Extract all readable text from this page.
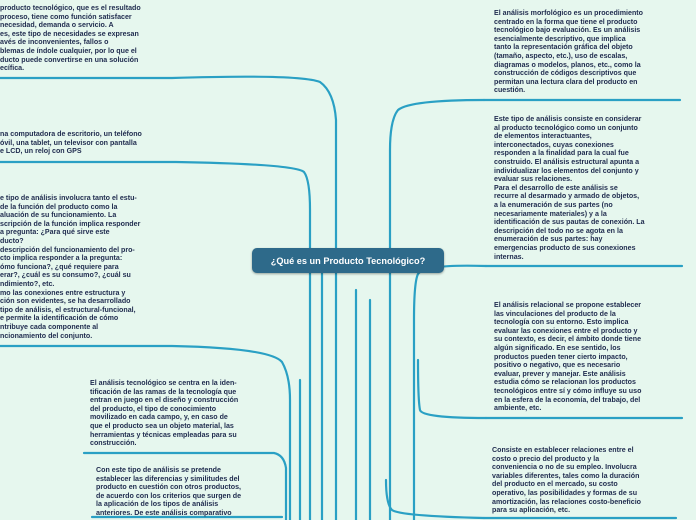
¿Qué es un Producto Tecnológico?
producto tecnológico, que es el resultado
proceso, tiene como función satisfacer
necesidad, demanda o servicio. A
es, este tipo de necesidades se expresan
avés de inconvenientes, fallos o
blemas de índole cualquier, por lo que el
ducto puede convertirse en una solución
ecífica.
na computadora de escritorio, un teléfono
óvil, una tablet, un televisor con pantalla
e LCD, un reloj con GPS
e tipo de análisis involucra tanto el estu-
de la función del producto como la
aluación de su funcionamiento. La
scripción de la función implica responder
a pregunta: ¿Para qué sirve este
ducto?
descripción del funcionamiento del pro-
cto implica responder a la pregunta:
ómo funciona?, ¿qué requiere para
erar?, ¿cuál es su consumo?, ¿cuál su
ndimiento?, etc.
mo las conexiones entre estructura y
ción son evidentes, se ha desarrollado
tipo de análisis, el estructural-funcional,
e permite la identificación de cómo
ntribuye cada componente al
ncionamiento del conjunto.
El análisis tecnológico se centra en la iden-
tificación de las ramas de la tecnología que
entran en juego en el diseño y construcción
del producto, el tipo de conocimiento
movilizado en cada campo, y, en caso de
que el producto sea un objeto material, las
herramientas y técnicas empleadas para su
construcción.
Con este tipo de análisis se pretende
establecer las diferencias y similitudes del
producto en cuestión con otros productos,
de acuerdo con los criterios que surgen de
la aplicación de los tipos de análisis
anteriores. De este análisis comparativo
El análisis morfológico es un procedimiento
centrado en la forma que tiene el producto
tecnológico bajo evaluación. Es un análisis
esencialmente descriptivo, que implica
tanto la representación gráfica del objeto
(tamaño, aspecto, etc.), uso de escalas,
diagramas o modelos, planos, etc., como la
construcción de códigos descriptivos que
permitan una lectura clara del producto en
cuestión.
Este tipo de análisis consiste en considerar
al producto tecnológico como un conjunto
de elementos interactuantes,
interconectados, cuyas conexiones
responden a la finalidad para la cual fue
construido. El análisis estructural apunta a
individualizar los elementos del conjunto y
evaluar sus relaciones.
Para el desarrollo de este análisis se
recurre al desarmado y armado de objetos,
a la enumeración de sus partes (no
necesariamente materiales) y a la
identificación de sus pautas de conexión. La
descripción del todo no se agota en la
enumeración de sus partes: hay
emergencias producto de sus conexiones
internas.
El análisis relacional se propone establecer
las vinculaciones del producto de la
tecnología con su entorno. Esto implica
evaluar las conexiones entre el producto y
su contexto, es decir, el ámbito donde tiene
algún significado. En ese sentido, los
productos pueden tener cierto impacto,
positivo o negativo, que es necesario
evaluar, prever y manejar. Este análisis
estudia cómo se relacionan los productos
tecnológicos entre sí y cómo influye su uso
en la esfera de la economía, del trabajo, del
ambiente, etc.
Consiste en establecer relaciones entre el
costo o precio del producto y la
conveniencia o no de su empleo. Involucra
variables diferentes, tales como la duración
del producto en el mercado, su costo
operativo, las posibilidades y formas de su
amortización, las relaciones costo-beneficio
para su aplicación, etc.
